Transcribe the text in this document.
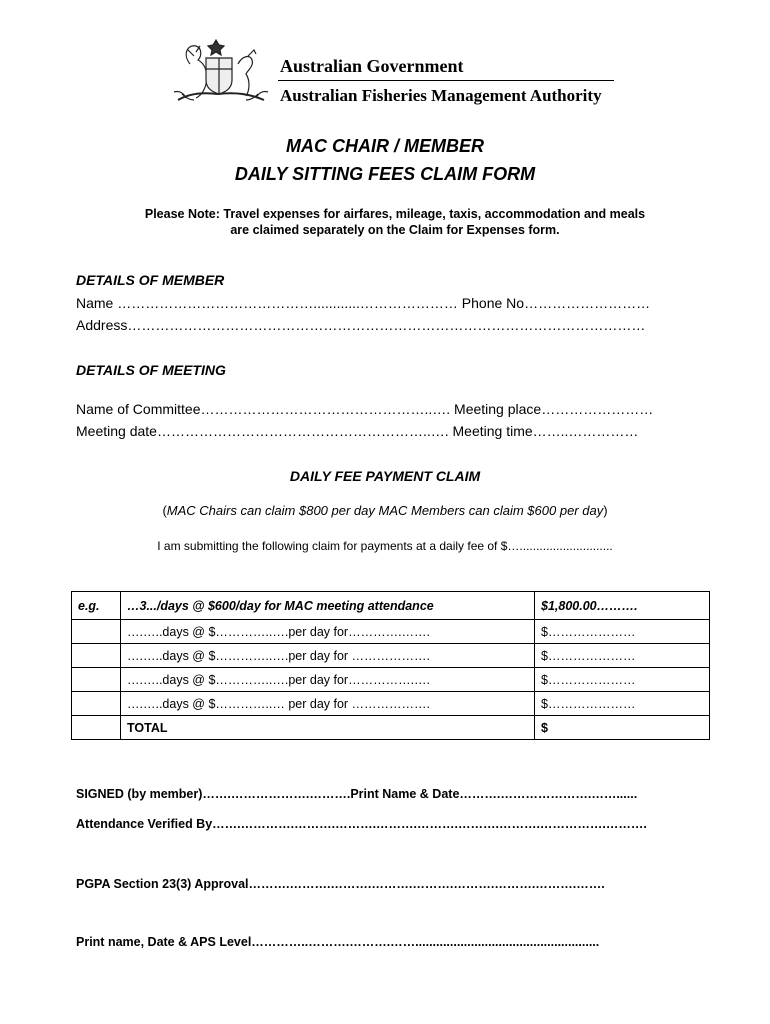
Australian Government
Australian Fisheries Management Authority
MAC CHAIR / MEMBER
DAILY SITTING FEES CLAIM FORM
Please Note: Travel expenses for airfares, mileage, taxis, accommodation and meals
are claimed separately on the Claim for Expenses form.
DETAILS OF MEMBER
Name ……………………………………............………………… Phone No………………………
Address…………………………………………………………………………………………………
DETAILS OF MEETING
Name of Committee…………………………………………..…. Meeting place……………………
Meeting date…………………………………………………..…. Meeting time……..……………
DAILY FEE PAYMENT CLAIM
(MAC Chairs can claim $800 per day MAC Members can claim $600 per day)
I am submitting the following claim for payments at a daily fee of $…............................
e.g.	…3.../days @ $600/day for MAC meeting attendance	$1,800.00……….
	….…..days @ $…………..….per day for………….…….	$…………………
	….…..days @ $…………..….per day for ……………….	$…………………
	….…..days @ $…………..….per day for…………….….	$…………………
	….…..days @ $…………..… per day for ……………….	$…………………
	TOTAL	$
SIGNED (by member)…….……………….……….Print Name & Date……….………………….……......
Attendance Verified By…….………….……….……….……….……….……….……….…………….……….
PGPA Section 23(3) Approval……….……….……….……….……….……….……….……….…….
Print name, Date & APS Level…………..……….……….…….....................................................
